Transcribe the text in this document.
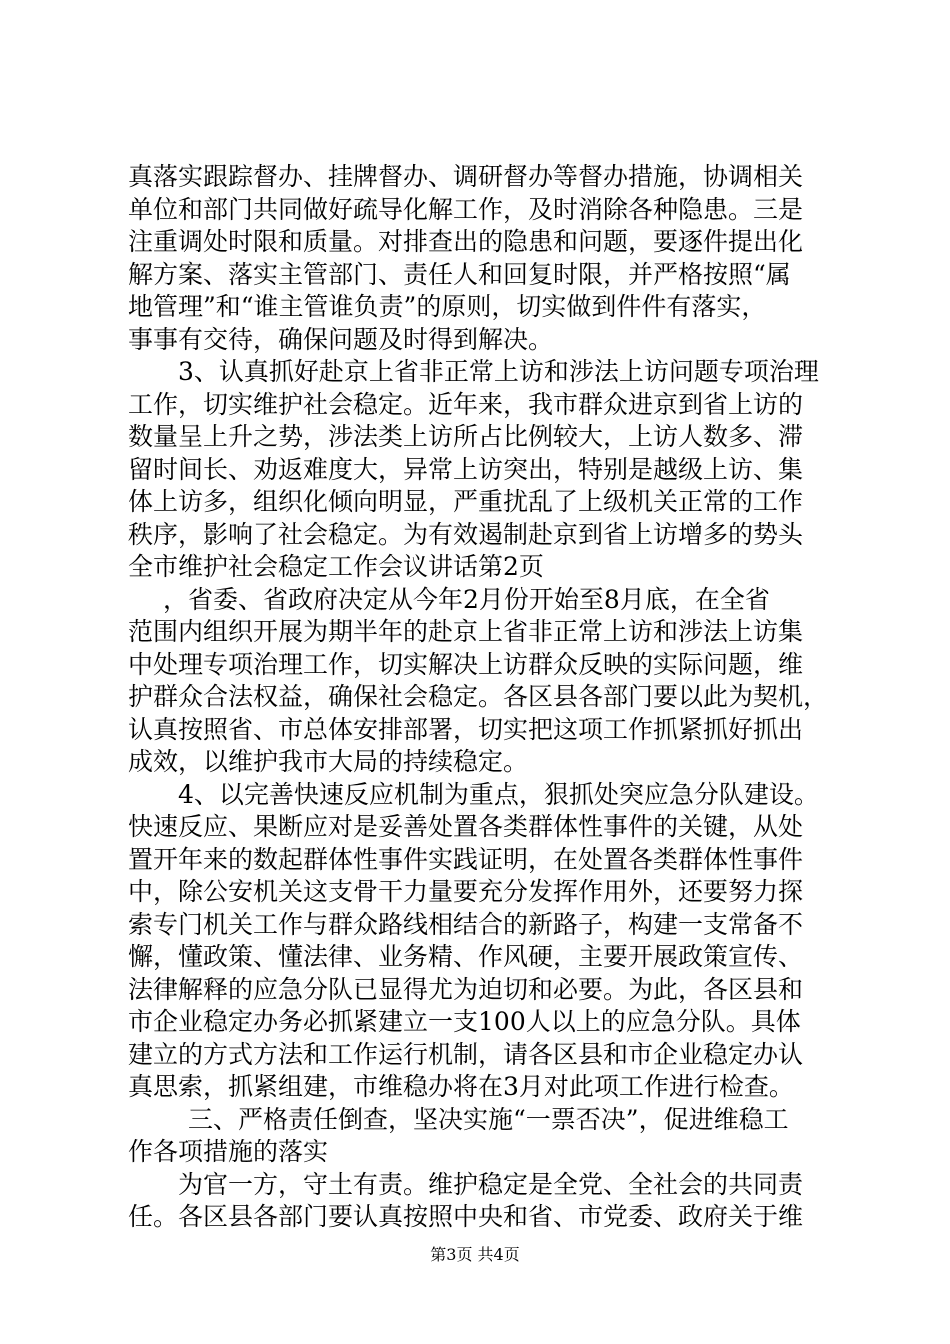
真落实跟踪督办、挂牌督办、调研督办等督办措施，协调相关
单位和部门共同做好疏导化解工作，及时消除各种隐患。三是
注重调处时限和质量。对排查出的隐患和问题，要逐件提出化
解方案、落实主管部门、责任人和回复时限，并严格按照“属
地管理”和“谁主管谁负责”的原则，切实做到件件有落实，
事事有交待，确保问题及时得到解决。
3、认真抓好赴京上省非正常上访和涉法上访问题专项治理
工作，切实维护社会稳定。近年来，我市群众进京到省上访的
数量呈上升之势，涉法类上访所占比例较大，上访人数多、滞
留时间长、劝返难度大，异常上访突出，特别是越级上访、集
体上访多，组织化倾向明显，严重扰乱了上级机关正常的工作
秩序，影响了社会稳定。为有效遏制赴京到省上访增多的势头
全市维护社会稳定工作会议讲话第2页
，省委、省政府决定从今年2月份开始至8月底，在全省
范围内组织开展为期半年的赴京上省非正常上访和涉法上访集
中处理专项治理工作，切实解决上访群众反映的实际问题，维
护群众合法权益，确保社会稳定。各区县各部门要以此为契机，
认真按照省、市总体安排部署，切实把这项工作抓紧抓好抓出
成效，以维护我市大局的持续稳定。
4、以完善快速反应机制为重点，狠抓处突应急分队建设。
快速反应、果断应对是妥善处置各类群体性事件的关键，从处
置开年来的数起群体性事件实践证明，在处置各类群体性事件
中，除公安机关这支骨干力量要充分发挥作用外，还要努力探
索专门机关工作与群众路线相结合的新路子，构建一支常备不
懈，懂政策、懂法律、业务精、作风硬，主要开展政策宣传、
法律解释的应急分队已显得尤为迫切和必要。为此，各区县和
市企业稳定办务必抓紧建立一支100人以上的应急分队。具体
建立的方式方法和工作运行机制，请各区县和市企业稳定办认
真思索，抓紧组建，市维稳办将在3月对此项工作进行检查。
三、严格责任倒查，坚决实施“一票否决”，促进维稳工
作各项措施的落实
为官一方，守土有责。维护稳定是全党、全社会的共同责
任。各区县各部门要认真按照中央和省、市党委、政府关于维
第3页 共4页
